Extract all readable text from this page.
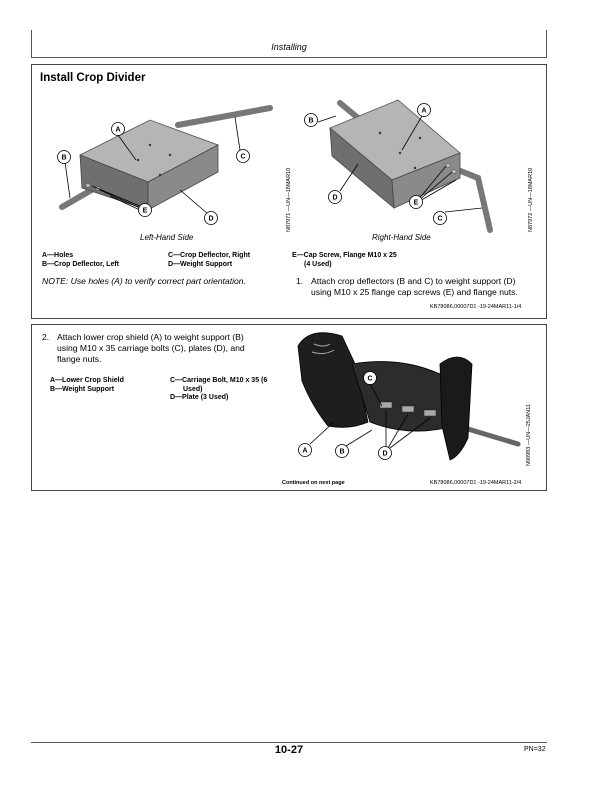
Installing
Install Crop Divider
A
B	C
D
E
Left-Hand Side
N87971 —UN—18MAR10
A
B
C
D
E
Right-Hand Side
N87972 —UN—18MAR10
A—Holes
B—Crop Deflector, Left
C—Crop Deflector, Right
D—Weight Support
E—Cap Screw, Flange M10 x 25
(4 Used)
NOTE: Use holes (A) to verify correct part orientation.	1. Attach crop deflectors (B and C) to weight support (D)
using M10 x 25 flange cap screws (E) and flange nuts.
KB78086,00007D1 -19-24MAR11-1/4
2. Attach lower crop shield (A) to weight support (B)
using M10 x 35 carriage bolts (C), plates (D), and
flange nuts.
A—Lower Crop Shield
B—Weight Support
C—Carriage Bolt, M10 x 35 (6
Used)
D—Plate (3 Used)
C
A	B	D	N90983 —UN—25JAN11
Continued on next page	KB78086,00007D1 -19-24MAR11-2/4
10-27	PN=32
